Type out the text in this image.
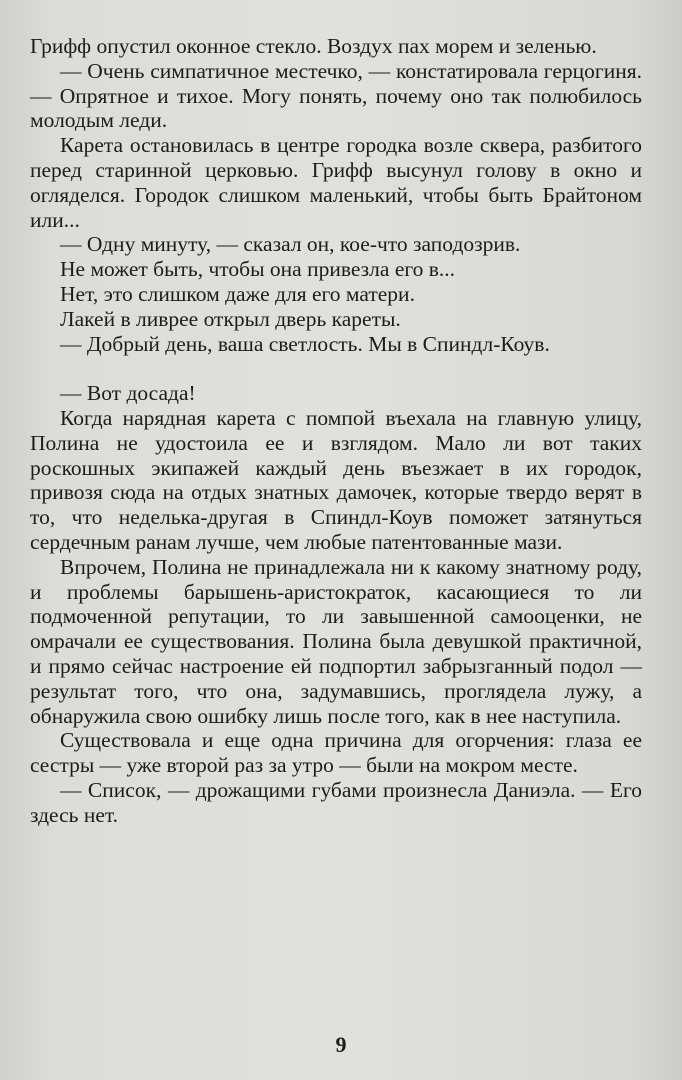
Грифф опустил оконное стекло. Воздух пах морем и зеленью.

— Очень симпатичное местечко, — констатировала герцогиня. — Опрятное и тихое. Могу понять, почему оно так полюбилось молодым леди.

Карета остановилась в центре городка возле сквера, разбитого перед старинной церковью. Грифф высунул голову в окно и огляделся. Городок слишком маленький, чтобы быть Брайтоном или...

— Одну минуту, — сказал он, кое-что заподозрив.

Не может быть, чтобы она привезла его в...

Нет, это слишком даже для его матери.

Лакей в ливрее открыл дверь кареты.

— Добрый день, ваша светлость. Мы в Спиндл-Коув.

— Вот досада!

Когда нарядная карета с помпой въехала на главную улицу, Полина не удостоила ее и взглядом. Мало ли вот таких роскошных экипажей каждый день въезжает в их городок, привозя сюда на отдых знатных дамочек, которые твердо верят в то, что неделька-другая в Спиндл-Коув поможет затянуться сердечным ранам лучше, чем любые патентованные мази.

Впрочем, Полина не принадлежала ни к какому знатному роду, и проблемы барышень-аристократок, касающиеся то ли подмоченной репутации, то ли завышенной самооценки, не омрачали ее существования. Полина была девушкой практичной, и прямо сейчас настроение ей подпортил забрызганный подол — результат того, что она, задумавшись, проглядела лужу, а обнаружила свою ошибку лишь после того, как в нее наступила.

Существовала и еще одна причина для огорчения: глаза ее сестры — уже второй раз за утро — были на мокром месте.

— Список, — дрожащими губами произнесла Даниэла. — Его здесь нет.

9
